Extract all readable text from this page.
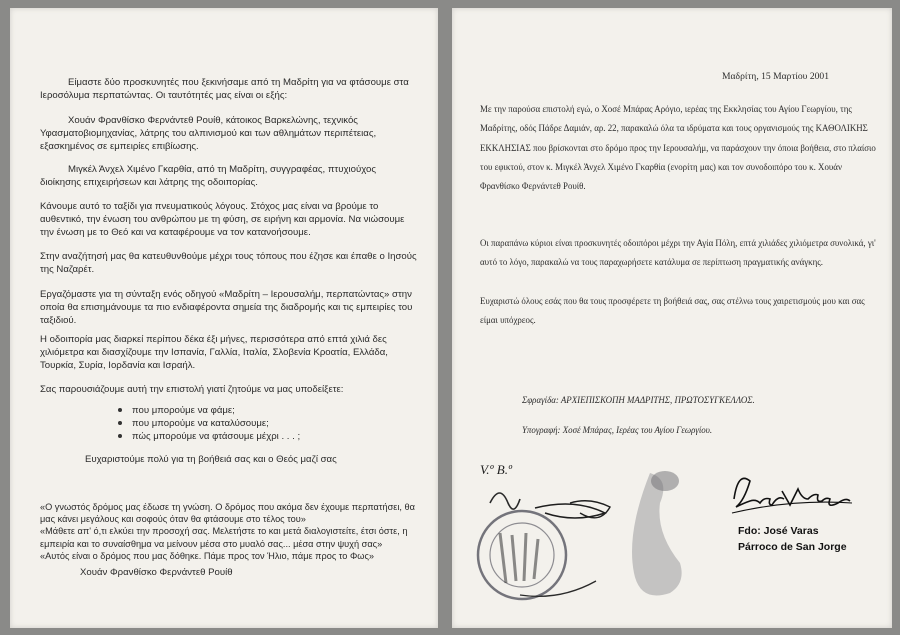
Είμαστε δύο προσκυνητές που ξεκινήσαμε από τη Μαδρίτη για να φτάσουμε στα Ιεροσόλυμα περπατώντας. Οι ταυτότητές μας είναι οι εξής:
Χουάν Φρανθίσκο Φερνάντεθ Ρουίθ, κάτοικος Βαρκελώνης, τεχνικός Υφασματοβιομηχανίας, λάτρης του αλπινισμού και των αθλημάτων περιπέτειας, εξασκημένος σε εμπειρίες επιβίωσης.
Μιγκέλ Άνχελ Χιμένο Γκαρθία, από τη Μαδρίτη, συγγραφέας, πτυχιούχος διοίκησης επιχειρήσεων και λάτρης της οδοιπορίας.
Κάνουμε αυτό το ταξίδι για πνευματικούς λόγους. Στόχος μας είναι να βρούμε το αυθεντικό, την ένωση του ανθρώπου με τη φύση, σε ειρήνη και αρμονία. Να νιώσουμε την ένωση με το Θεό και να καταφέρουμε να τον κατανοήσουμε.
Στην αναζήτησή μας θα κατευθυνθούμε μέχρι τους τόπους που έζησε και έπαθε ο Ιησούς της Ναζαρέτ.
Εργαζόμαστε για τη σύνταξη ενός οδηγού «Μαδρίτη – Ιερουσαλήμ, περπατώντας» στην οποία θα επισημάνουμε τα πιο ενδιαφέροντα σημεία της διαδρομής και τις εμπειρίες του ταξιδιού.
Η οδοιπορία μας διαρκεί περίπου δέκα έξι μήνες, περισσότερα από επτά χιλιά δες χιλιόμετρα και διασχίζουμε την Ισπανία, Γαλλία, Ιταλία, Σλοβενία Κροατία, Ελλάδα, Τουρκία, Συρία, Ιορδανία και Ισραήλ.
Σας παρουσιάζουμε αυτή την επιστολή γιατί ζητούμε να μας υποδείξετε:
που μπορούμε να φάμε;
που μπορούμε να καταλύσουμε;
πώς μπορούμε να φτάσουμε μέχρι . . . ;
Ευχαριστούμε πολύ για τη βοήθειά σας και ο Θεός μαζί σας
«Ο γνωστός δρόμος μας έδωσε τη γνώση. Ο δρόμος που ακόμα δεν έχουμε περπατήσει, θα μας κάνει μεγάλους και σοφούς όταν θα φτάσουμε στο τέλος του»
«Μάθετε απ' ό,τι ελκύει την προσοχή σας. Μελετήστε το και μετά διαλογιστείτε, έτσι όστε, η εμπειρία και το συναίσθημα να μείνουν μέσα στο μυαλό σας... μέσα στην ψυχή σας»
«Αυτός είναι ο δρόμος που μας δόθηκε. Πάμε προς τον Ήλιο, πάμε προς το Φως»
Χουάν Φρανθίσκο Φερνάντεθ Ρουίθ
Μαδρίτη, 15 Μαρτίου 2001
Με την παρούσα επιστολή εγώ, ο Χοσέ Μπάρας Αρόγιο, ιερέας της Εκκλησίας του Αγίου Γεωργίου, της Μαδρίτης, οδός Πάδρε Δαμιάν, αρ. 22, παρακαλώ όλα τα ιδρύματα και τους οργανισμούς της ΚΑΘΟΛΙΚΗΣ ΕΚΚΛΗΣΙΑΣ που βρίσκονται στο δρόμο προς την Ιερουσαλήμ, να παράσχουν την όποια βοήθεια, στο πλαίσιο του εφικτού, στον κ. Μιγκέλ Άνχελ Χιμένο Γκαρθία (ενορίτη μας) και τον συνοδοιπόρο του κ. Χουάν Φρανθίσκο Φερνάντεθ Ρουίθ.
Οι παραπάνω κύριοι είναι προσκυνητές οδοιπόροι μέχρι την Αγία Πόλη, επτά χιλιάδες χιλιόμετρα συνολικά, γι' αυτό το λόγο, παρακαλώ να τους παραχωρήσετε κατάλυμα σε περίπτωση πραγματικής ανάγκης.
Ευχαριστώ όλους εσάς που θα τους προσφέρετε τη βοήθειά σας, σας στέλνω τους χαιρετισμούς μου και σας είμαι υπόχρεος.
Σφραγίδα: ΑΡΧΙΕΠΙΣΚΟΠΗ ΜΑΔΡΙΤΗΣ, ΠΡΩΤΟΣΥΓΚΕΛΛΟΣ.
Υπογραφή: Χοσέ Μπάρας, Ιερέας του Αγίου Γεωργίου.
V.º B.º
Fdo: José Varas
Párroco de San Jorge
